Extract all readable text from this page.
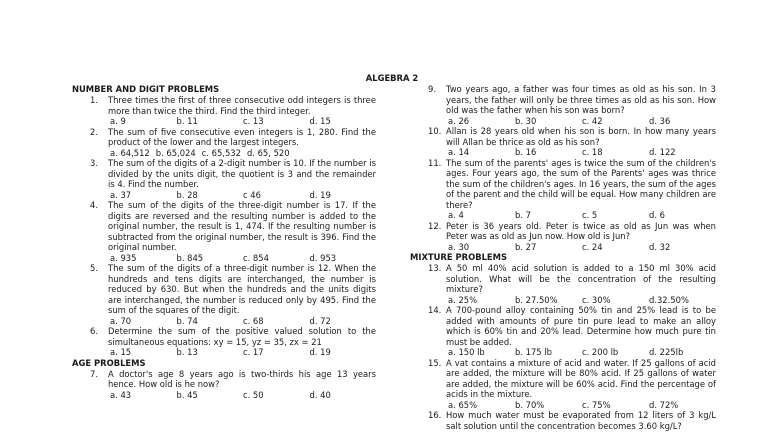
ALGEBRA 2
NUMBER AND DIGIT PROBLEMS
1.	Three times the first of three consecutive odd integers is three more than twice the third. Find the third integer.
a. 9	b. 11	c. 13	d. 15
2.	The sum of five consecutive even integers is 1, 280. Find the product of the lower and the largest integers.
a. 64,512 b. 65,024 c. 65,532 d. 65, 520
3.	The sum of the digits of a 2-digit number is 10. If the number is divided by the units digit, the quotient is 3 and the remainder is 4. Find the number.
a. 37	b. 28	c 46	d. 19
4.	The sum of the digits of the three-digit number is 17. If the digits are reversed and the resulting number is added to the original number, the result is 1, 474. If the resulting number is subtracted from the original number, the result is 396. Find the original number.
a. 935	b. 845	c. 854	d. 953
5.	The sum of the digits of a three-digit number is 12. When the hundreds and tens digits are interchanged, the number is reduced by 630. But when the hundreds and the units digits are interchanged, the number is reduced only by 495. Find the sum of the squares of the digit.
a. 70	b. 74	c. 68	d. 72
6.	Determine the sum of the positive valued solution to the simultaneous equations: xy = 15, yz = 35, zx = 21
a. 15	b. 13	c. 17	d. 19
AGE PROBLEMS
7.	A doctor's age 8 years ago is two-thirds his age 13 years hence. How old is he now?
a. 43	b. 45	c. 50	d. 40
9.	Two years ago, a father was four times as old as his son. In 3 years, the father will only be three times as old as his son. How old was the father when his son was born?
a. 26	b. 30	c. 42	d. 36
10. Allan is 28 years old when his son is born. In how many years will Allan be thrice as old as his son?
a. 14	b. 16	c. 18	d. 122
11. The sum of the parents' ages is twice the sum of the children's ages. Four years ago, the sum of the Parents' ages was thrice the sum of the children's ages. In 16 years, the sum of the ages of the parent and the child will be equal. How many children are there?
a. 4	b. 7	c. 5	d. 6
12. Peter is 36 years old. Peter is twice as old as Jun was when Peter was as old as Jun now. How old is Jun?
a. 30	b. 27	c. 24	d. 32
MIXTURE PROBLEMS
13. A 50 ml 40% acid solution is added to a 150 ml 30% acid solution. What will be the concentration of the resulting mixture?
a. 25%	b. 27.50%	c. 30%	d.32.50%
14. A 700-pound alloy containing 50% tin and 25% lead is to be added with amounts of pure tin pure lead to make an alloy which is 60% tin and 20% lead. Determine how much pure tin must be added.
a. 150 lb	b. 175 lb	c. 200 lb	d. 225lb
15. A vat contains a mixture of acid and water. If 25 gallons of acid are added, the mixture will be 80% acid. If 25 gallons of water are added, the mixture will be 60% acid. Find the percentage of acids in the mixture.
a. 65%	b. 70%	c. 75%	d. 72%
16. How much water must be evaporated from 12 liters of 3 kg/L salt solution until the concentration becomes 3.60 kg/L?
